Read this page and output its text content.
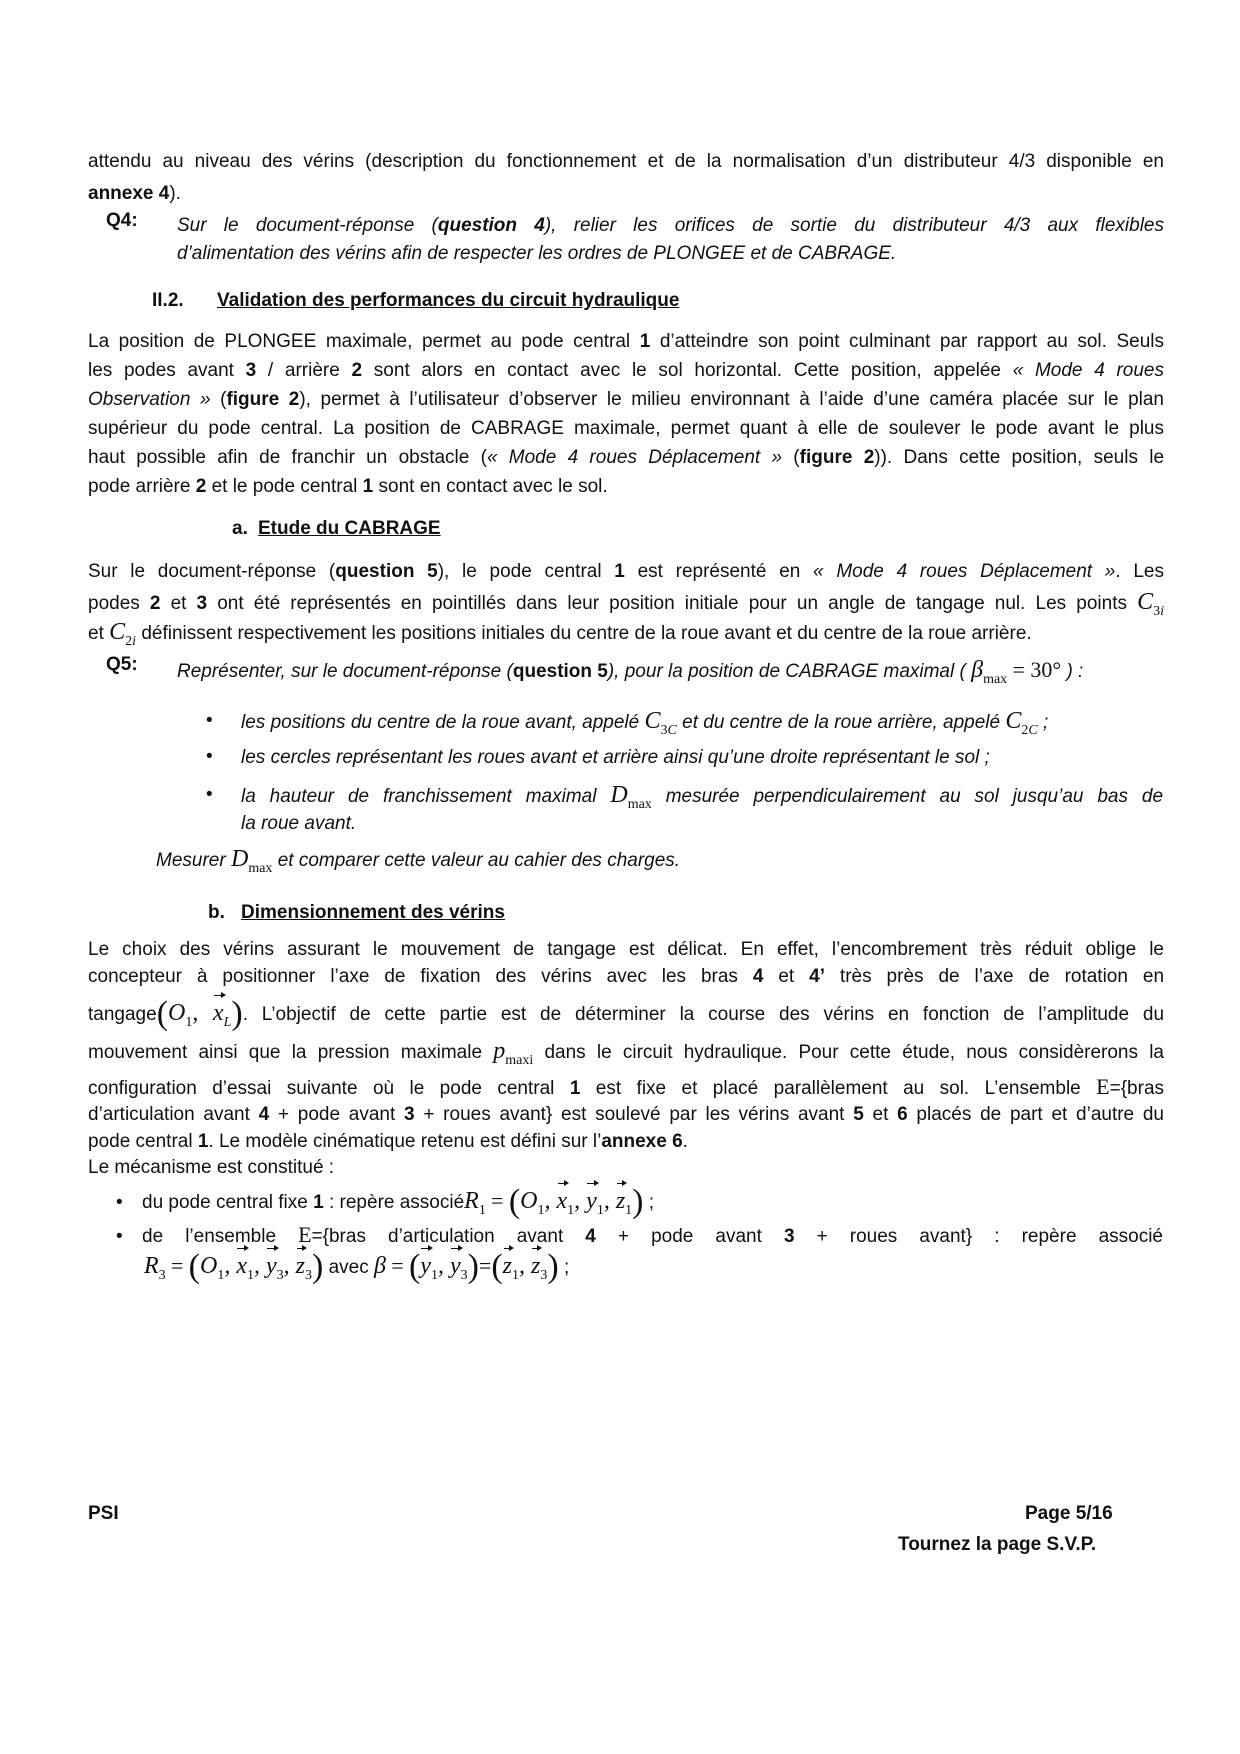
attendu au niveau des vérins (description du fonctionnement et de la normalisation d’un distributeur 4/3 disponible en
annexe 4).
Q4: Sur le document-réponse (question 4), relier les orifices de sortie du distributeur 4/3 aux flexibles
d’alimentation des vérins afin de respecter les ordres de PLONGEE et de CABRAGE.
II.2. Validation des performances du circuit hydraulique
La position de PLONGEE maximale, permet au pode central 1 d’atteindre son point culminant par rapport au sol. Seuls
les podes avant 3 / arrière 2 sont alors en contact avec le sol horizontal. Cette position, appelée « Mode 4 roues
Observation » (figure 2), permet à l’utilisateur d’observer le milieu environnant à l’aide d’une caméra placée sur le plan
supérieur du pode central. La position de CABRAGE maximale, permet quant à elle de soulever le pode avant le plus
haut possible afin de franchir un obstacle (« Mode 4 roues Déplacement » (figure 2)). Dans cette position, seuls le
pode arrière 2 et le pode central 1 sont en contact avec le sol.
a. Etude du CABRAGE
Sur le document-réponse (question 5), le pode central 1 est représenté en « Mode 4 roues Déplacement ». Les
podes 2 et 3 ont été représentés en pointillés dans leur position initiale pour un angle de tangage nul. Les points $C_{3i}$
et $C_{2i}$ définissent respectivement les positions initiales du centre de la roue avant et du centre de la roue arrière.
Q5: Représenter, sur le document-réponse (question 5), pour la position de CABRAGE maximal ( $\beta_{max} = 30^\circ$ ) :
• les positions du centre de la roue avant, appelé $C_{3C}$ et du centre de la roue arrière, appelé $C_{2C}$ ;
• les cercles représentant les roues avant et arrière ainsi qu’une droite représentant le sol ;
• la hauteur de franchissement maximal $D_{max}$ mesurée perpendiculairement au sol jusqu’au bas de
la roue avant.
Mesurer $D_{max}$ et comparer cette valeur au cahier des charges.
b. Dimensionnement des vérins
Le choix des vérins assurant le mouvement de tangage est délicat. En effet, l’encombrement très réduit oblige le
concepteur à positionner l’axe de fixation des vérins avec les bras 4 et 4’ très près de l’axe de rotation en
$tangage(O_1$, $x_L$). L’objectif de cette partie est de déterminer la course des vérins en fonction de l’amplitude du
mouvement ainsi que la pression maximale $p_{maxi}$ dans le circuit hydraulique. Pour cette étude, nous considèrerons la
configuration d’essai suivante où le pode central 1 est fixe et placé parallèlement au sol. L’ensemble E={bras
d’articulation avant 4 + pode avant 3 + roues avant} est soulevé par les vérins avant 5 et 6 placés de part et d’autre du
pode central 1. Le modèle cinématique retenu est défini sur l’annexe 6.
Le mécanisme est constitué :
• du pode central fixe 1 : repère associéR$_1$ = ($O_1$, $x_1$, $y_1$, $z_1$) ;
• de l’ensemble E={bras d’articulation avant 4 + pode avant 3 + roues avant} : repère associé
$R_3 = (O_1$, $x_1$, $y_3$, $z_3$) avec $\beta = (y_1$, $y_3)=(z_1$, $z_3$) ;
PSI	Page 5/16
Tournez la page S.V.P.
